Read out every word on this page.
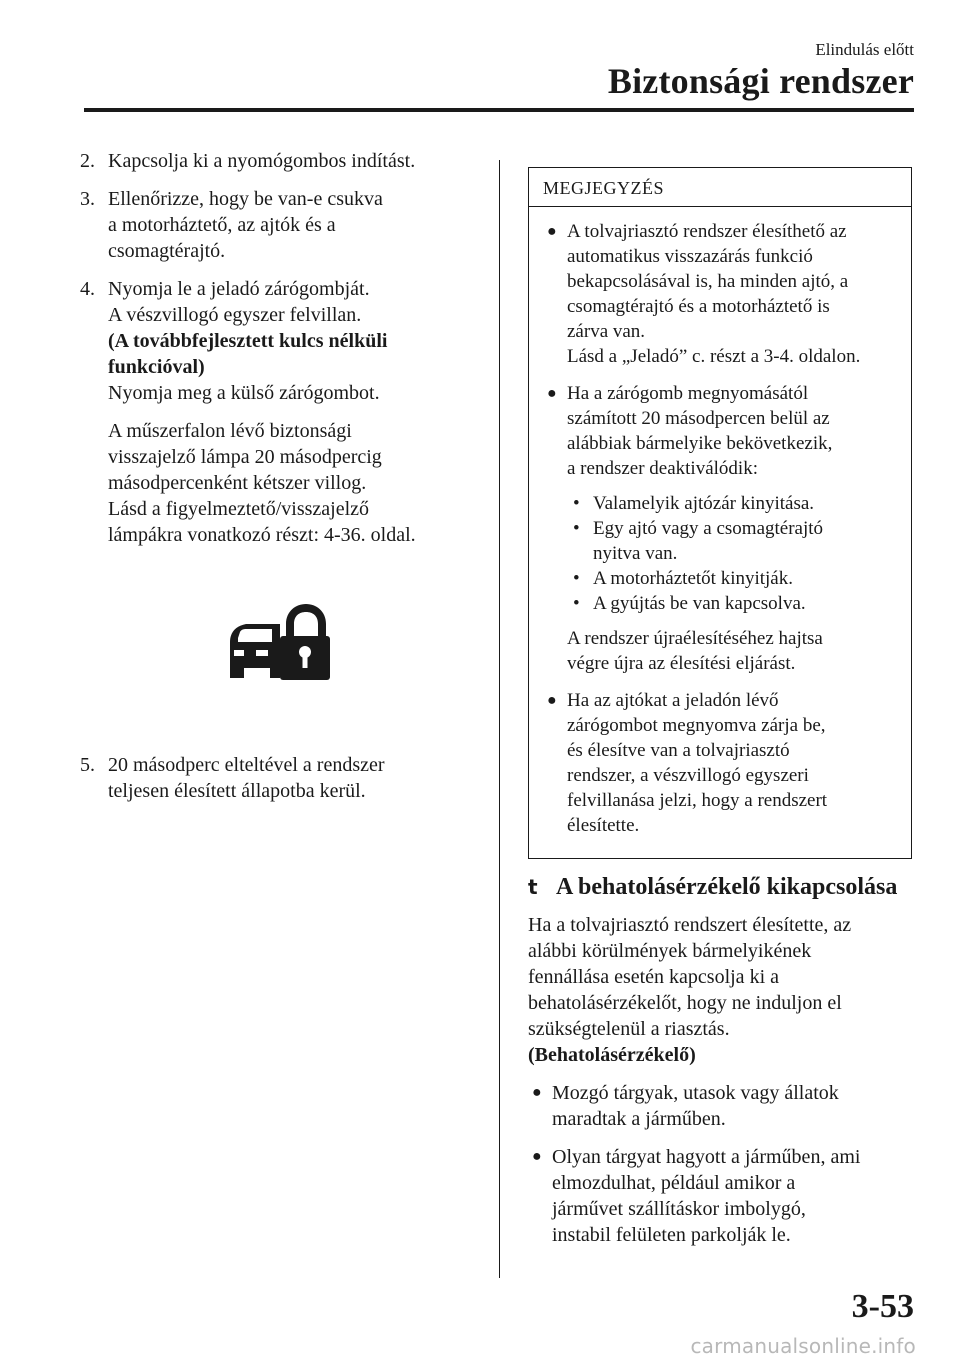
Elindulás előtt
Biztonsági rendszer
2. Kapcsolja ki a nyomógombos indítást.

3. Ellenőrizze, hogy be van-e csukva

a motorháztető, az ajtók és a

csomagtérajtó.

4. Nyomja le a jeladó zárógombját.

A vészvillogó egyszer felvillan.

(A továbbfejlesztett kulcs nélküli

funkcióval)

Nyomja meg a külső zárógombot.

A műszerfalon lévő biztonsági

visszajelző lámpa 20 másodpercig

másodpercenként kétszer villog.

Lásd a figyelmeztető/visszajelző

lámpákra vonatkozó részt: 4-36. oldal.

5. 20 másodperc elteltével a rendszer

teljesen élesített állapotba kerül.

MEGJEGYZÉS
● A tolvajriasztó rendszer élesíthető az

automatikus visszazárás funkció

bekapcsolásával is, ha minden ajtó, a

csomagtérajtó és a motorháztető is

zárva van.

Lásd a „Jeladó” c. részt a 3-4. oldalon.

● Ha a zárógomb megnyomásától

számított 20 másodpercen belül az

alábbiak bármelyike bekövetkezik,

a rendszer deaktiválódik:

• Valamelyik ajtózár kinyitása.
• Egy ajtó vagy a csomagtérajtó
nyitva van.
• A motorháztetőt kinyitják.
• A gyújtás be van kapcsolva.

A rendszer újraélesítéséhez hajtsa

végre újra az élesítési eljárást.

● Ha az ajtókat a jeladón lévő

zárógombot megnyomva zárja be,

és élesítve van a tolvajriasztó

rendszer, a vészvillogó egyszeri

felvillanása jelzi, hogy a rendszert

élesítette.

t A behatolásérzékelő kikapcsolása

Ha a tolvajriasztó rendszert élesítette, az

alábbi körülmények bármelyikének

fennállása esetén kapcsolja ki a

behatolásérzékelőt, hogy ne induljon el

szükségtelenül a riasztás.

(Behatolásérzékelő)

● Mozgó tárgyak, utasok vagy állatok

maradtak a járműben.

● Olyan tárgyat hagyott a járműben, ami

elmozdulhat, például amikor a

járművet szállításkor imbolygó,

instabil felületen parkolják le.

3-53
carmanualsonline.info
